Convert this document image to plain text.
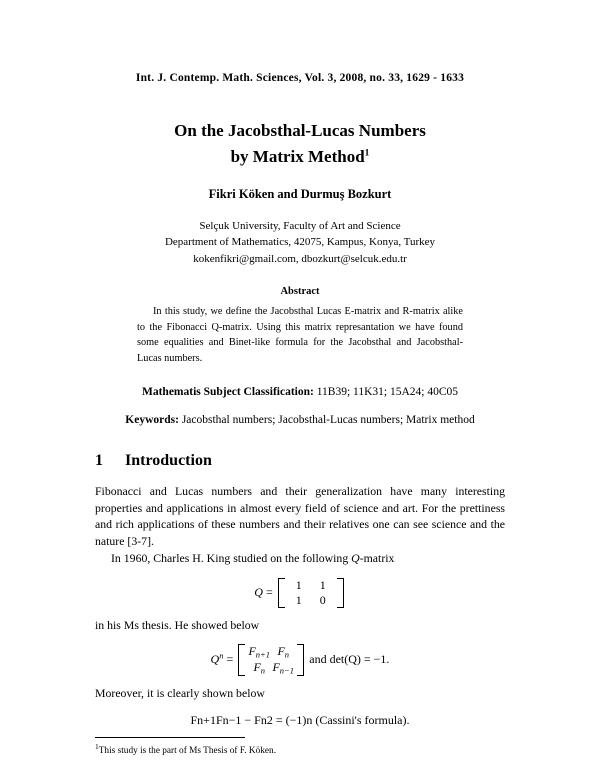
Int. J. Contemp. Math. Sciences, Vol. 3, 2008, no. 33, 1629 - 1633
On the Jacobsthal-Lucas Numbers
by Matrix Method$^1$
Fikri Köken and Durmuş Bozkurt
Selçuk University, Faculty of Art and Science
Department of Mathematics, 42075, Kampus, Konya, Turkey
kokenfikri@gmail.com, dbozkurt@selcuk.edu.tr
Abstract
In this study, we define the Jacobsthal Lucas E-matrix and R-matrix alike to the Fibonacci Q-matrix. Using this matrix represantation we have found some equalities and Binet-like formula for the Jacobsthal and Jacobsthal-Lucas numbers.
Mathematis Subject Classification: 11B39; 11K31; 15A24; 40C05
Keywords: Jacobsthal numbers; Jacobsthal-Lucas numbers; Matrix method
1 Introduction

Fibonacci and Lucas numbers and their generalization have many interesting properties and applications in almost every field of science and art. For the prettiness and rich applications of these numbers and their relatives one can see science and the nature [3-7].

In 1960, Charles H. King studied on the following Q-matrix

Q = 1 1
1 0

in his Ms thesis. He showed below

$Q^n$ =
$F_{n+1}$ $F_n$
$F_n$ $F_{n-1}$
and det(Q) = −1.

Moreover, it is clearly shown below

Fn+1Fn−1 − Fn2 = (−1)n (Cassini's formula).
$^1$This study is the part of Ms Thesis of F. Köken.
